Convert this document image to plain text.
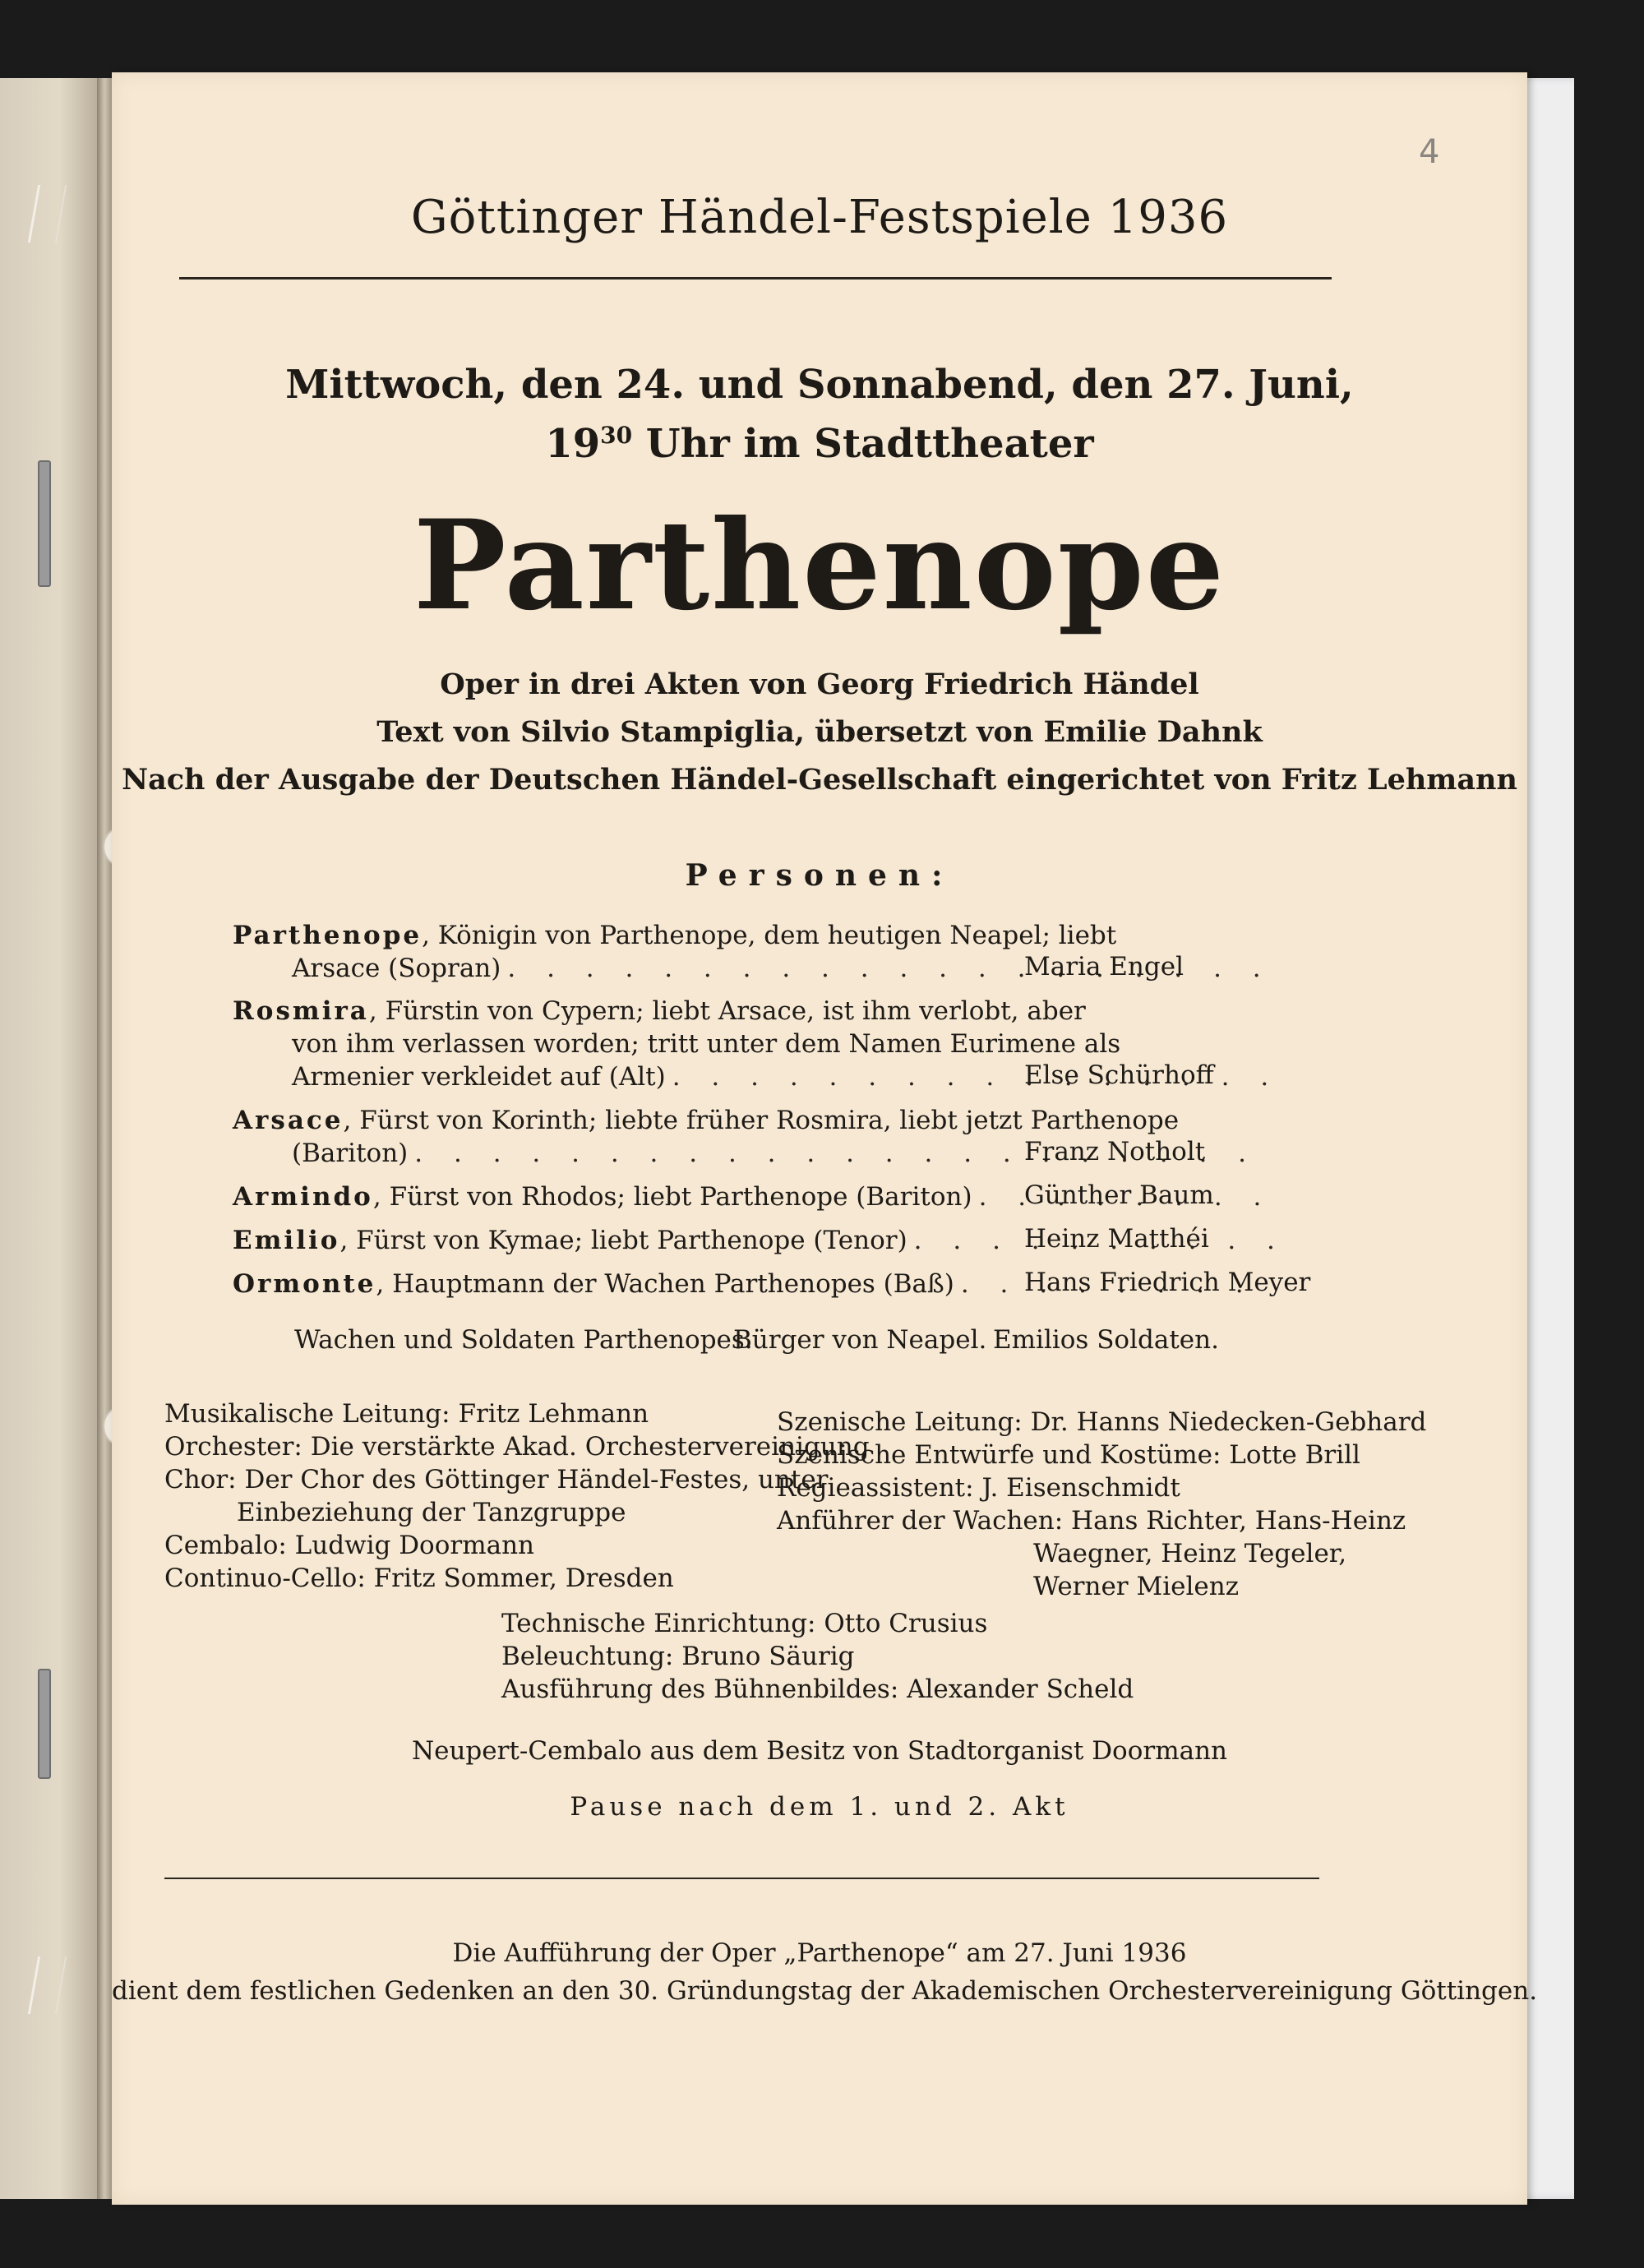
4
Göttinger Händel-Festspiele 1936
Mittwoch, den 24. und Sonnabend, den 27. Juni,
$19^{30}$ Uhr im Stadttheater
Parthenope
Oper in drei Akten von Georg Friedrich Händel
Text von Silvio Stampiglia, übersetzt von Emilie Dahnk
Nach der Ausgabe der Deutschen Händel-Gesellschaft eingerichtet von Fritz Lehmann
Personen:
Parthenope, Königin von Parthenope, dem heutigen Neapel; liebt
Arsace (Sopran) . . .	Maria Engel
Rosmira, Fürstin von Cypern; liebt Arsace, ist ihm verlobt, aber
von ihm verlassen worden; tritt unter dem Namen Eurimene als
Armenier verkleidet auf (Alt) . . .	Else Schürhoff
Arsace, Fürst von Korinth; liebte früher Rosmira, liebt jetzt Parthenope
(Bariton) . . .	Franz Notholt
Armindo , Fürst von Rhodos; liebt Parthenope (Bariton) . . . Günther Baum
Emilio , Fürst von Kymae; liebt Parthenope (Tenor) . . .	Heinz Matthéi
Ormonte , Hauptmann der Wachen Parthenopes (Baß) . . .	Hans Friedrich Meyer
Wachen und Soldaten Parthenopes.
Bürger von Neapel. Emilios Soldaten.
Musikalische Leitung: Fritz Lehmann
Orchester: Die verstärkte Akad. Orchestervereinigung
Chor: Der Chor des Göttinger Händel-Festes, unter
Einbeziehung der Tanzgruppe
Cembalo: Ludwig Doormann
Continuo-Cello: Fritz Sommer, Dresden
Szenische Leitung: Dr. Hanns Niedecken-Gebhard
Szenische Entwürfe und Kostüme: Lotte Brill
Regieassistent: J. Eisenschmidt
Anführer der Wachen: Hans Richter, Hans-Heinz
Waegner, Heinz Tegeler,
Werner Mielenz
Technische Einrichtung: Otto Crusius
Beleuchtung: Bruno Säurig
Ausführung des Bühnenbildes: Alexander Scheld
Neupert-Cembalo aus dem Besitz von Stadtorganist Doormann
Pause nach dem 1. und 2. Akt
Die Aufführung der Oper „Parthenope“ am 27. Juni 1936
dient dem festlichen Gedenken an den 30. Gründungstag der Akademischen Orchestervereinigung Göttingen.
